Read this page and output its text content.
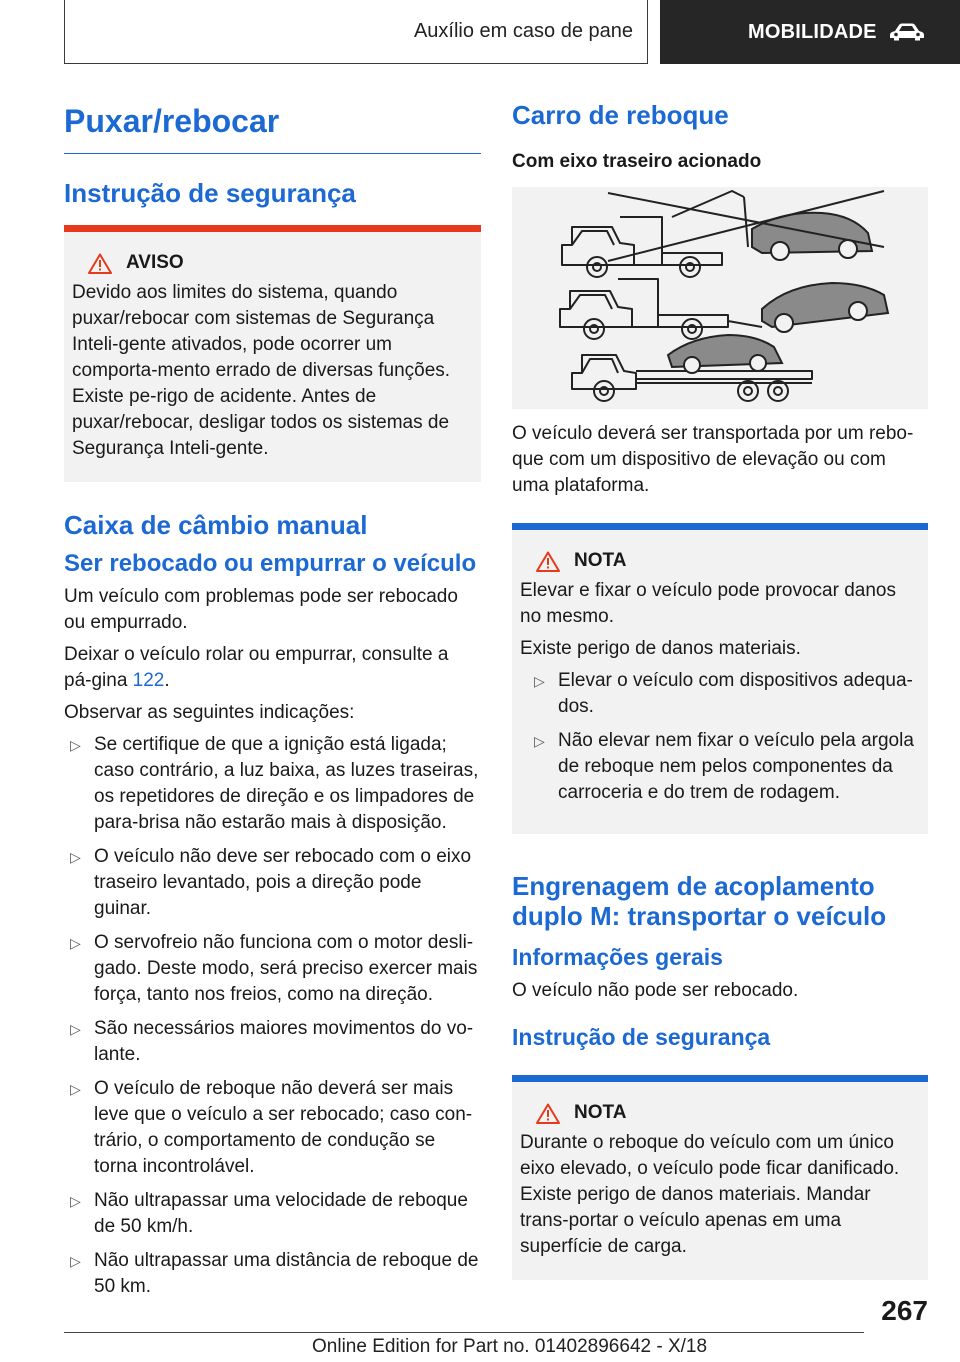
Auxílio em caso de pane	MOBILIDADE
Puxar/rebocar
Instrução de segurança
AVISO

Devido aos limites do sistema, quando puxar/rebocar com sistemas de Segurança Inteli-gente ativados, pode ocorrer um comporta-mento errado de diversas funções. Existe pe-rigo de acidente. Antes de puxar/rebocar, desligar todos os sistemas de Segurança Inteli-gente.

Caixa de câmbio manual
Ser rebocado ou empurrar o veículo

Um veículo com problemas pode ser rebocado ou empurrado.

Deixar o veículo rolar ou empurrar, consulte a pá-gina 122.

Observar as seguintes indicações:

▷ Se certifique de que a ignição está ligada; caso contrário, a luz baixa, as luzes traseiras, os repetidores de direção e os limpadores de para-brisa não estarão mais à disposição.
▷ O veículo não deve ser rebocado com o eixo traseiro levantado, pois a direção pode guinar.
▷ O servofreio não funciona com o motor desli-gado. Deste modo, será preciso exercer mais força, tanto nos freios, como na direção.
▷ São necessários maiores movimentos do vo-lante.
▷ O veículo de reboque não deverá ser mais leve que o veículo a ser rebocado; caso con-trário, o comportamento de condução se torna incontrolável.
▷ Não ultrapassar uma velocidade de reboque de 50 km/h.
▷ Não ultrapassar uma distância de reboque de 50 km.
Carro de reboque
Com eixo traseiro acionado

O veículo deverá ser transportada por um rebo-que com um dispositivo de elevação ou com uma plataforma.

NOTA

Elevar e fixar o veículo pode provocar danos no mesmo.

Existe perigo de danos materiais.

▷ Elevar o veículo com dispositivos adequa-dos.
▷ Não elevar nem fixar o veículo pela argola de reboque nem pelos componentes da carroceria e do trem de rodagem.
Engrenagem de acoplamento duplo M: transportar o veículo
Informações gerais

O veículo não pode ser rebocado.

Instrução de segurança
NOTA

Durante o reboque do veículo com um único eixo elevado, o veículo pode ficar danificado. Existe perigo de danos materiais. Mandar trans-portar o veículo apenas em uma superfície de carga.

267
Online Edition for Part no. 01402896642 - X/18
